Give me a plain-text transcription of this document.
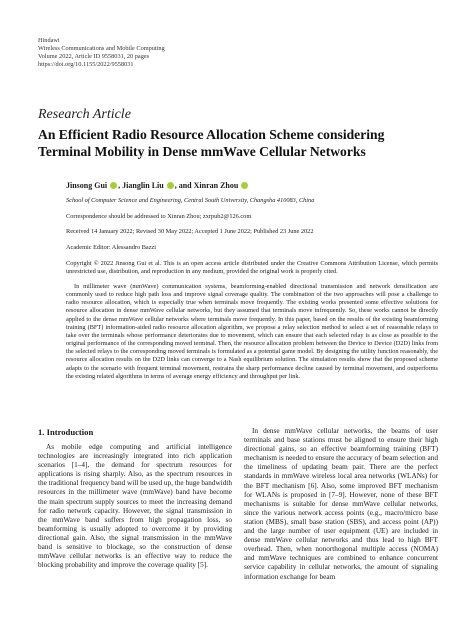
Hindawi
Wireless Communications and Mobile Computing
Volume 2022, Article ID 9558031, 20 pages
https://doi.org/10.1155/2022/9558031
Research Article
An Efficient Radio Resource Allocation Scheme considering Terminal Mobility in Dense mmWave Cellular Networks
Jinsong Gui , Jianglin Liu , and Xinran Zhou
School of Computer Science and Engineering, Central South University, Changsha 410083, China
Correspondence should be addressed to Xinran Zhou; zxrpub2@126.com
Received 14 January 2022; Revised 30 May 2022; Accepted 1 June 2022; Published 23 June 2022
Academic Editor: Alessandro Bazzi
Copyright © 2022 Jinsong Gui et al. This is an open access article distributed under the Creative Commons Attribution License, which permits unrestricted use, distribution, and reproduction in any medium, provided the original work is properly cited.
In millimeter wave (mmWave) communication systems, beamforming-enabled directional transmission and network densification are commonly used to reduce high path loss and improve signal coverage quality. The combination of the two approaches will pose a challenge to radio resource allocation, which is especially true when terminals move frequently. The existing works presented some effective solutions for resource allocation in dense mmWave cellular networks, but they assumed that terminals move infrequently. So, these works cannot be directly applied to the dense mmWave cellular networks where terminals move frequently. In this paper, based on the results of the existing beamforming training (BFT) information-aided radio resource allocation algorithm, we propose a relay selection method to select a set of reasonable relays to take over the terminals whose performance deteriorates due to movement, which can ensure that each selected relay is as close as possible to the original performance of the corresponding moved terminal. Then, the resource allocation problem between the Device to Device (D2D) links from the selected relays to the corresponding moved terminals is formulated as a potential game model. By designing the utility function reasonably, the resource allocation results on the D2D links can converge to a Nash equilibrium solution. The simulation results show that the proposed scheme adapts to the scenario with frequent terminal movement, restrains the sharp performance decline caused by terminal movement, and outperforms the existing related algorithms in terms of average energy efficiency and throughput per link.
1. Introduction
As mobile edge computing and artificial intelligence technologies are increasingly integrated into rich application scenarios [1–4], the demand for spectrum resources for applications is rising sharply. Also, as the spectrum resources in the traditional frequency band will be used up, the huge bandwidth resources in the millimeter wave (mmWave) band have become the main spectrum supply sources to meet the increasing demand for radio network capacity. However, the signal transmission in the mmWave band suffers from high propagation loss, so beamforming is usually adopted to overcome it by providing directional gain. Also, the signal transmission in the mmWave band is sensitive to blockage, so the construction of dense mmWave cellular networks is an effective way to reduce the blocking probability and improve the coverage quality [5].
In dense mmWave cellular networks, the beams of user terminals and base stations must be aligned to ensure their high directional gains, so an effective beamforming training (BFT) mechanism is needed to ensure the accuracy of beam selection and the timeliness of updating beam pair. There are the perfect standards in mmWave wireless local area networks (WLANs) for the BFT mechanism [6]. Also, some improved BFT mechanism for WLANs is proposed in [7–9]. However, none of these BFT mechanisms is suitable for dense mmWave cellular networks, since the various network access points (e.g., macro/micro base station (MBS), small base station (SBS), and access point (AP)) and the large number of user equipment (UE) are included in dense mmWave cellular networks and thus lead to high BFT overhead. Then, when nonorthogonal multiple access (NOMA) and mmWave techniques are combined to enhance concurrent service capability in cellular networks, the amount of signaling information exchange for beam
